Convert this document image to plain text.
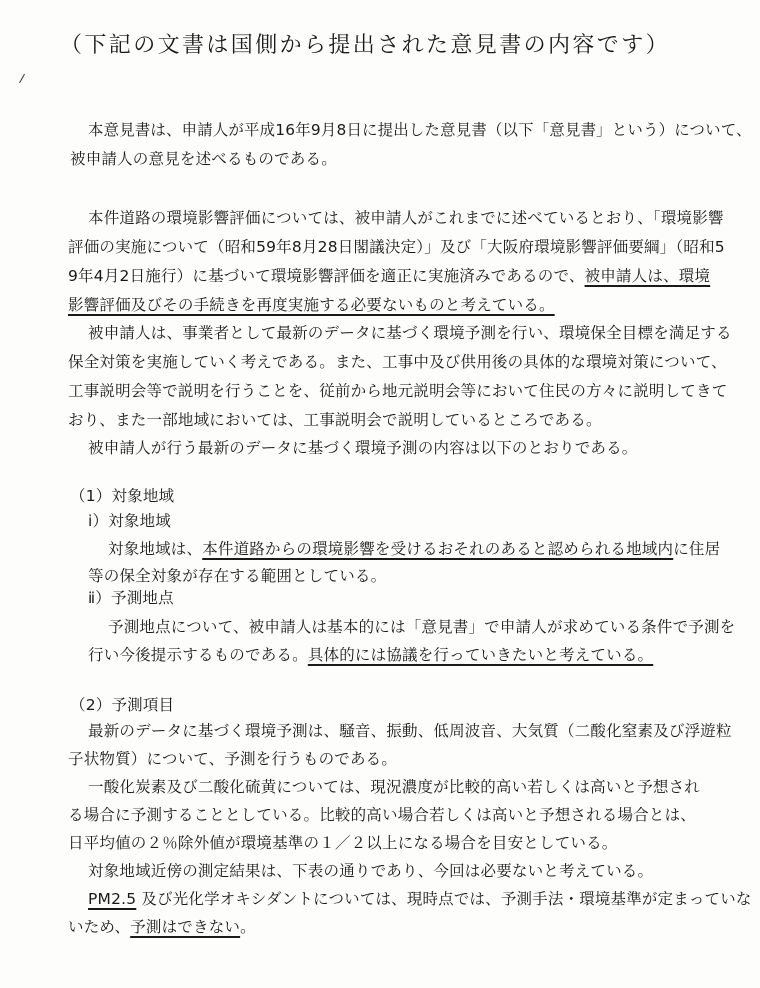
（下記の文書は国側から提出された意見書の内容です）
本意見書は、申請人が平成16年9月8日に提出した意見書（以下「意見書」という）について、
被申請人の意見を述べるものである。
本件道路の環境影響評価については、被申請人がこれまでに述べているとおり、「環境影響
評価の実施について（昭和59年8月28日閣議決定）」及び「大阪府環境影響評価要綱」（昭和5
9年4月2日施行）に基づいて環境影響評価を適正に実施済みであるので、被申請人は、環境
影響評価及びその手続きを再度実施する必要ないものと考えている。
被申請人は、事業者として最新のデータに基づく環境予測を行い、環境保全目標を満足する
保全対策を実施していく考えである。また、工事中及び供用後の具体的な環境対策について、
工事説明会等で説明を行うことを、従前から地元説明会等において住民の方々に説明してきて
おり、また一部地域においては、工事説明会で説明しているところである。
被申請人が行う最新のデータに基づく環境予測の内容は以下のとおりである。
（1）対象地域
ⅰ）対象地域
対象地域は、本件道路からの環境影響を受けるおそれのあると認められる地域内に住居
等の保全対象が存在する範囲としている。
ⅱ）予測地点
予測地点について、被申請人は基本的には「意見書」で申請人が求めている条件で予測を
行い今後提示するものである。具体的には協議を行っていきたいと考えている。
（2）予測項目
最新のデータに基づく環境予測は、騒音、振動、低周波音、大気質（二酸化窒素及び浮遊粒
子状物質）について、予測を行うものである。
一酸化炭素及び二酸化硫黄については、現況濃度が比較的高い若しくは高いと予想され
る場合に予測することとしている。比較的高い場合若しくは高いと予想される場合とは、
日平均値の２％除外値が環境基準の１／２以上になる場合を目安としている。
対象地域近傍の測定結果は、下表の通りであり、今回は必要ないと考えている。
PM2.5 及び光化学オキシダントについては、現時点では、予測手法・環境基準が定まっていな
いため、予測はできない。
